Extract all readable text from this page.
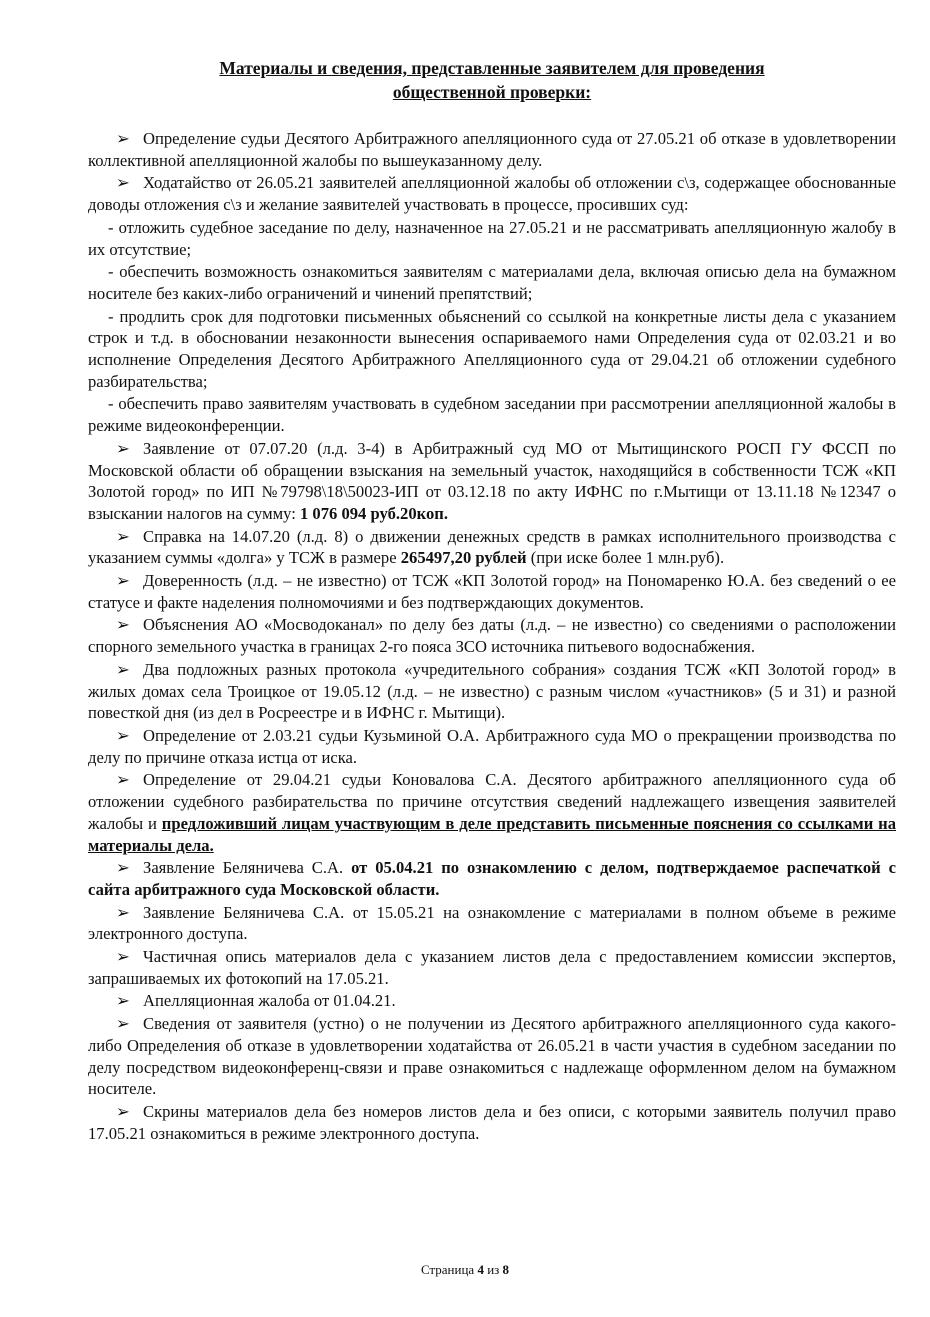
Материалы и сведения, представленные заявителем для проведения
общественной проверки:

➢ Определение судьи Десятого Арбитражного апелляционного суда от 27.05.21 об отказе в удовлетворении коллективной апелляционной жалобы по вышеуказанному делу.

➢ Ходатайство от 26.05.21 заявителей апелляционной жалобы об отложении с\з, содержащее обоснованные доводы отложения с\з и желание заявителей участвовать в процессе, просивших суд:

- отложить судебное заседание по делу, назначенное на 27.05.21 и не рассматривать апелляционную жалобу в их отсутствие;

- обеспечить возможность ознакомиться заявителям с материалами дела, включая описью дела на бумажном носителе без каких-либо ограничений и чинений препятствий;

- продлить срок для подготовки письменных обьяснений со ссылкой на конкретные листы дела с указанием строк и т.д. в обосновании незаконности вынесения оспариваемого нами Определения суда от 02.03.21 и во исполнение Определения Десятого Арбитражного Апелляционного суда от 29.04.21 об отложении судебного разбирательства;

- обеспечить право заявителям участвовать в судебном заседании при рассмотрении апелляционной жалобы в режиме видеоконференции.

➢ Заявление от 07.07.20 (л.д. 3-4) в Арбитражный суд МО от Мытищинского РОСП ГУ ФССП по Московской области об обращении взыскания на земельный участок, находящийся в собственности ТСЖ «КП Золотой город» по ИП №79798\18\50023-ИП от 03.12.18 по акту ИФНС по г.Мытищи от 13.11.18 №12347 о взыскании налогов на сумму: 1 076 094 руб.20коп.

➢ Справка на 14.07.20 (л.д. 8) о движении денежных средств в рамках исполнительного производства с указанием суммы «долга» у ТСЖ в размере 265497,20 рублей (при иске более 1 млн.руб).

➢ Доверенность (л.д. – не известно) от ТСЖ «КП Золотой город» на Пономаренко Ю.А. без сведений о ее статусе и факте наделения полномочиями и без подтверждающих документов.

➢ Объяснения АО «Мосводоканал» по делу без даты (л.д. – не известно) со сведениями о расположении спорного земельного участка в границах 2-го пояса ЗСО источника питьевого водоснабжения.

➢ Два подложных разных протокола «учредительного собрания» создания ТСЖ «КП Золотой город» в жилых домах села Троицкое от 19.05.12 (л.д. – не известно) с разным числом «участников» (5 и 31) и разной повесткой дня (из дел в Росреестре и в ИФНС г. Мытищи).

➢ Определение от 2.03.21 судьи Кузьминой О.А. Арбитражного суда МО о прекращении производства по делу по причине отказа истца от иска.

➢ Определение от 29.04.21 судьи Коновалова С.А. Десятого арбитражного апелляционного суда об отложении судебного разбирательства по причине отсутствия сведений надлежащего извещения заявителей жалобы и предложивший лицам участвующим в деле представить письменные пояснения со ссылками на материалы дела.

➢ Заявление Беляничева С.А. от 05.04.21 по ознакомлению с делом, подтверждаемое распечаткой с сайта арбитражного суда Московской области.

➢ Заявление Беляничева С.А. от 15.05.21 на ознакомление с материалами в полном объеме в режиме электронного доступа.

➢ Частичная опись материалов дела с указанием листов дела с предоставлением комиссии экспертов, запрашиваемых их фотокопий на 17.05.21.

➢ Апелляционная жалоба от 01.04.21.

➢ Сведения от заявителя (устно) о не получении из Десятого арбитражного апелляционного суда какого-либо Определения об отказе в удовлетворении ходатайства от 26.05.21 в части участия в судебном заседании по делу посредством видеоконференц-связи и праве ознакомиться с надлежаще оформленном делом на бумажном носителе.

➢ Скрины материалов дела без номеров листов дела и без описи, с которыми заявитель получил право 17.05.21 ознакомиться в режиме электронного доступа.

Страница 4 из 8
